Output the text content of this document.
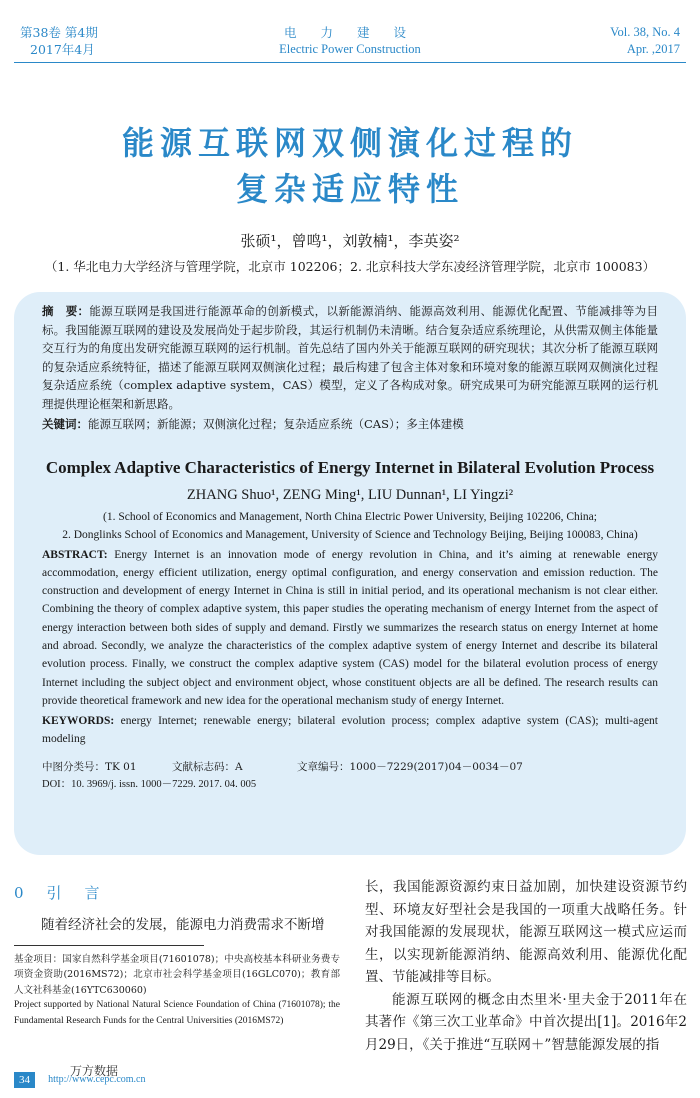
第38卷 第4期
2017年4月
电 力 建 设
Electric Power Construction
Vol. 38, No. 4
Apr. ,2017
能源互联网双侧演化过程的
复杂适应特性
张硕¹，曾鸣¹，刘敦楠¹，李英姿²
（1. 华北电力大学经济与管理学院，北京市 102206；2. 北京科技大学东凌经济管理学院，北京市 100083）

摘　要：能源互联网是我国进行能源革命的创新模式，以新能源消纳、能源高效利用、能源优化配置、节能减排等为目标。我国能源互联网的建设及发展尚处于起步阶段，其运行机制仍未清晰。结合复杂适应系统理论，从供需双侧主体能量交互行为的角度出发研究能源互联网的运行机制。首先总结了国内外关于能源互联网的研究现状；其次分析了能源互联网的复杂适应系统特征，描述了能源互联网双侧演化过程；最后构建了包含主体对象和环境对象的能源互联网双侧演化过程复杂适应系统（complex adaptive system，CAS）模型，定义了各构成对象。研究成果可为研究能源互联网的运行机理提供理论框架和新思路。

关键词：能源互联网；新能源；双侧演化过程；复杂适应系统（CAS）；多主体建模

Complex Adaptive Characteristics of Energy Internet in Bilateral Evolution Process

ZHANG Shuo¹, ZENG Ming¹, LIU Dunnan¹, LI Yingzi²

(1. School of Economics and Management, North China Electric Power University, Beijing 102206, China;
2. Donglinks School of Economics and Management, University of Science and Technology Beijing, Beijing 100083, China)

ABSTRACT: Energy Internet is an innovation mode of energy revolution in China, and it’s aiming at renewable energy accommodation, energy efficient utilization, energy optimal configuration, and energy conservation and emission reduction. The construction and development of energy Internet in China is still in initial period, and its operational mechanism is not clear either. Combining the theory of complex adaptive system, this paper studies the operating mechanism of energy Internet from the aspect of energy interaction between both sides of supply and demand. Firstly we summarizes the research status on energy Internet at home and abroad. Secondly, we analyze the characteristics of the complex adaptive system of energy Internet and describe its bilateral evolution process. Finally, we construct the complex adaptive system (CAS) model for the bilateral evolution process of energy Internet including the subject object and environment object, whose constituent objects are all be defined. The research results can provide theoretical framework and new idea for the operational mechanism study of energy Internet.

KEYWORDS: energy Internet; renewable energy; bilateral evolution process; complex adaptive system (CAS); multi-agent modeling

中图分类号：TK 01	文献标志码：A	文章编号：1000－7229(2017)04－0034－07

DOI：10. 3969/j. issn. 1000－7229. 2017. 04. 005

0　引　言

随着经济社会的发展，能源电力消费需求不断增

基金项目：国家自然科学基金项目(71601078)；中央高校基本科研业务费专项资金资助(2016MS72)；北京市社会科学基金项目(16GLC070)；教育部人文社科基金(16YTC630060)

Project supported by National Natural Science Foundation of China (71601078); the Fundamental Research Funds for the Central Universities (2016MS72)

长，我国能源资源约束日益加剧，加快建设资源节约型、环境友好型社会是我国的一项重大战略任务。针对我国能源的发展现状，能源互联网这一模式应运而生，以实现新能源消纳、能源高效利用、能源优化配置、节能减排等目标。

能源互联网的概念由杰里米·里夫金于2011年在其著作《第三次工业革命》中首次提出[1]。2016年2月29日，《关于推进“互联网＋”智慧能源发展的指

34 http://www.cepc.com.cn
万方数据
